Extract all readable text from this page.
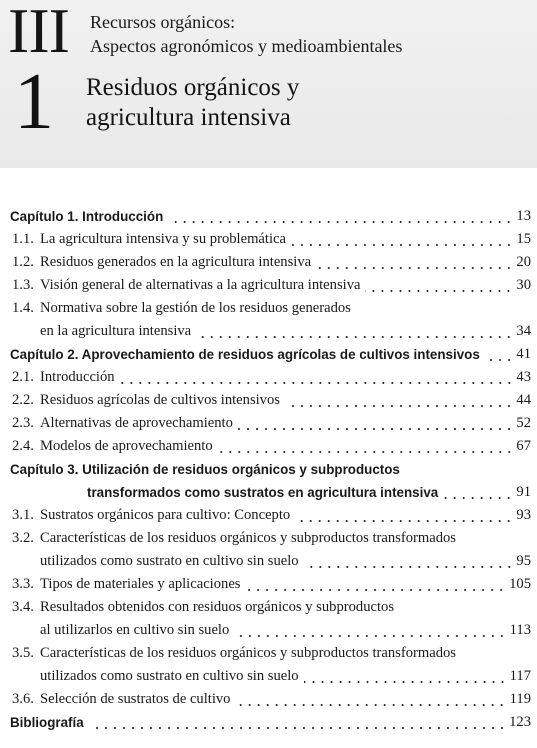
III Recursos orgánicos:
Aspectos agronómicos y medioambientales
1 Residuos orgánicos y
agricultura intensiva
Capítulo 1. Introducción	13
1.1. La agricultura intensiva y su problemática	15
1.2. Residuos generados en la agricultura intensiva	20
1.3. Visión general de alternativas a la agricultura intensiva	30
1.4. Normativa sobre la gestión de los residuos generados
en la agricultura intensiva	34
Capítulo 2. Aprovechamiento de residuos agrícolas de cultivos intensivos	41
2.1. Introducción	43
2.2. Residuos agrícolas de cultivos intensivos	44
2.3. Alternativas de aprovechamiento	52
2.4. Modelos de aprovechamiento	67
Capítulo 3. Utilización de residuos orgánicos y subproductos
transformados como sustratos en agricultura intensiva	91
3.1. Sustratos orgánicos para cultivo: Concepto	93
3.2. Características de los residuos orgánicos y subproductos transformados
utilizados como sustrato en cultivo sin suelo	95
3.3. Tipos de materiales y aplicaciones	105
3.4. Resultados obtenidos con residuos orgánicos y subproductos
al utilizarlos en cultivo sin suelo	113
3.5. Características de los residuos orgánicos y subproductos transformados
utilizados como sustrato en cultivo sin suelo	117
3.6. Selección de sustratos de cultivo	119
Bibliografía	123
